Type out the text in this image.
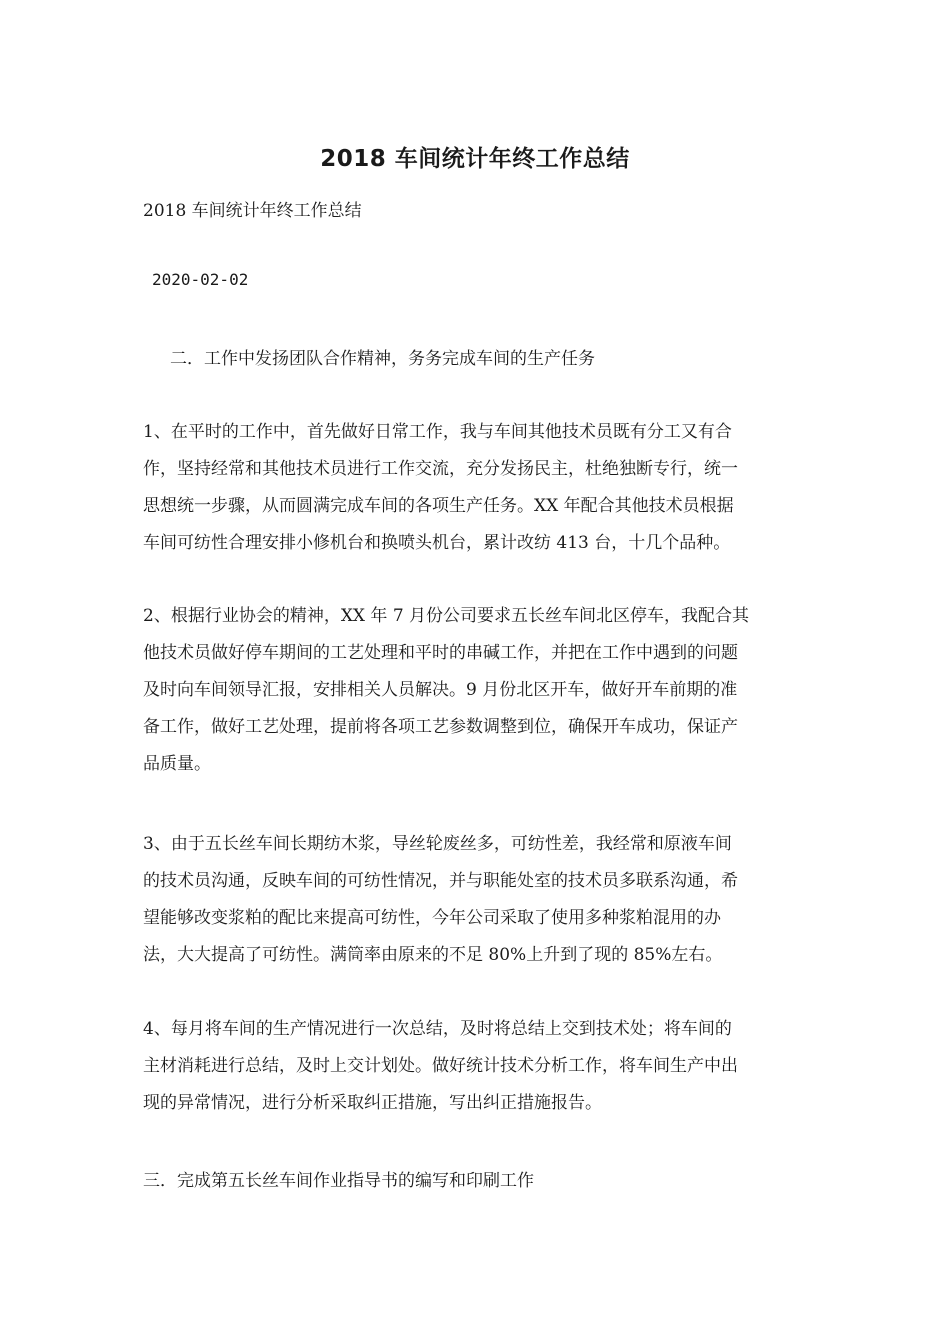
2018 车间统计年终工作总结
2018 车间统计年终工作总结
2020-02-02
二．工作中发扬团队合作精神，务务完成车间的生产任务
1、在平时的工作中，首先做好日常工作，我与车间其他技术员既有分工又有合
作，坚持经常和其他技术员进行工作交流，充分发扬民主，杜绝独断专行，统一
思想统一步骤，从而圆满完成车间的各项生产任务。XX 年配合其他技术员根据
车间可纺性合理安排小修机台和换喷头机台，累计改纺 413 台，十几个品种。
2、根据行业协会的精神，XX 年 7 月份公司要求五长丝车间北区停车，我配合其
他技术员做好停车期间的工艺处理和平时的串碱工作，并把在工作中遇到的问题
及时向车间领导汇报，安排相关人员解决。9 月份北区开车，做好开车前期的准
备工作，做好工艺处理，提前将各项工艺参数调整到位，确保开车成功，保证产
品质量。
3、由于五长丝车间长期纺木浆，导丝轮废丝多，可纺性差，我经常和原液车间
的技术员沟通，反映车间的可纺性情况，并与职能处室的技术员多联系沟通，希
望能够改变浆粕的配比来提高可纺性，今年公司采取了使用多种浆粕混用的办
法，大大提高了可纺性。满筒率由原来的不足 80%上升到了现的 85%左右。
4、每月将车间的生产情况进行一次总结，及时将总结上交到技术处；将车间的
主材消耗进行总结，及时上交计划处。做好统计技术分析工作，将车间生产中出
现的异常情况，进行分析采取纠正措施，写出纠正措施报告。
三．完成第五长丝车间作业指导书的编写和印刷工作
